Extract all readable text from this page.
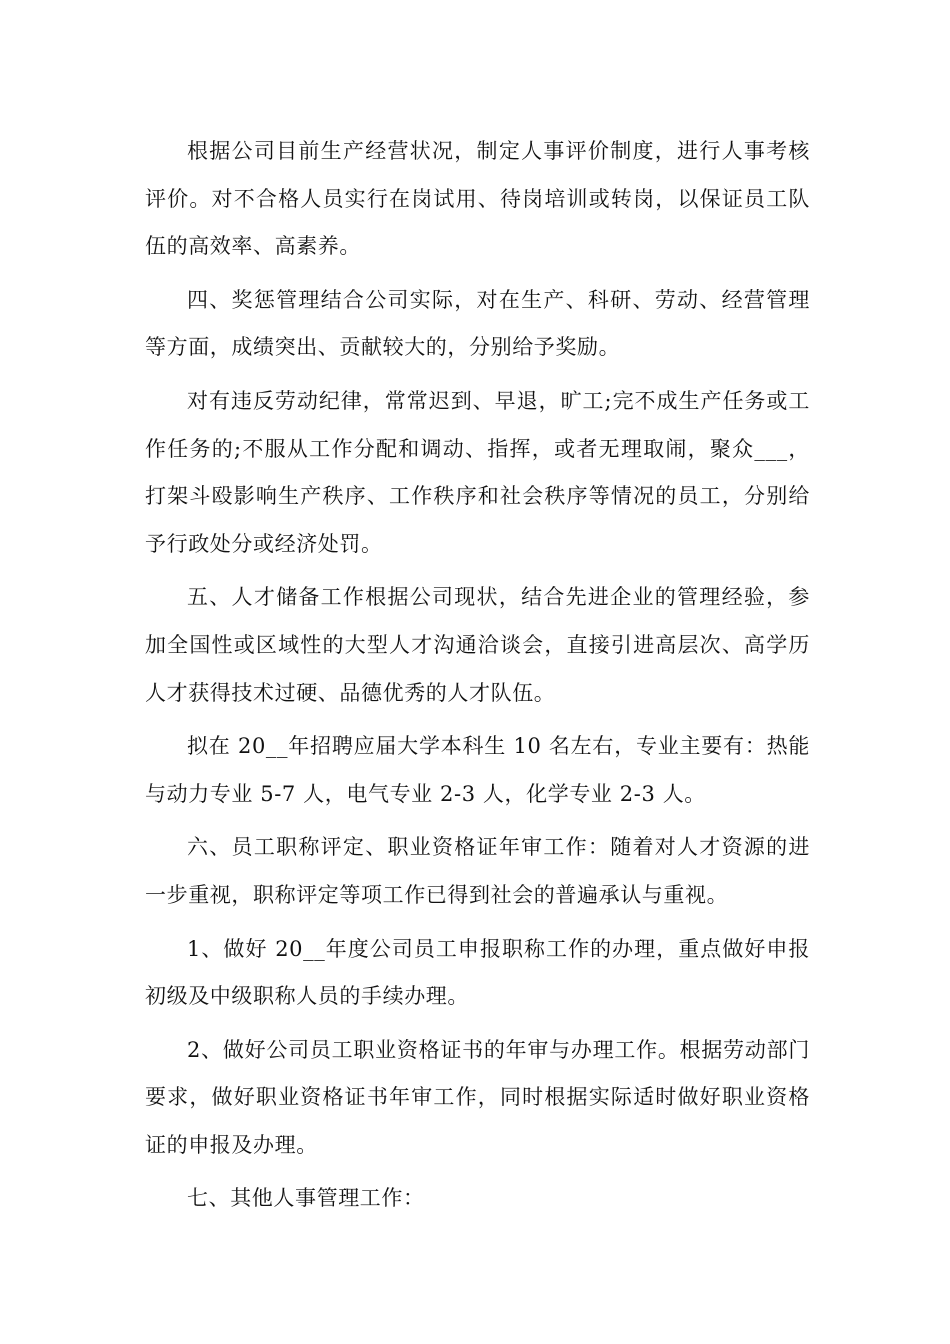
根据公司目前生产经营状况，制定人事评价制度，进行人事考核评价。对不合格人员实行在岗试用、待岗培训或转岗，以保证员工队伍的高效率、高素养。

四、奖惩管理结合公司实际，对在生产、科研、劳动、经营管理等方面，成绩突出、贡献较大的，分别给予奖励。

对有违反劳动纪律，常常迟到、早退，旷工;完不成生产任务或工作任务的;不服从工作分配和调动、指挥，或者无理取闹，聚众___，打架斗殴影响生产秩序、工作秩序和社会秩序等情况的员工，分别给予行政处分或经济处罚。

五、人才储备工作根据公司现状，结合先进企业的管理经验，参加全国性或区域性的大型人才沟通洽谈会，直接引进高层次、高学历人才获得技术过硬、品德优秀的人才队伍。

拟在 20__年招聘应届大学本科生 10 名左右，专业主要有：热能与动力专业 5-7 人，电气专业 2-3 人，化学专业 2-3 人。

六、员工职称评定、职业资格证年审工作：随着对人才资源的进一步重视，职称评定等项工作已得到社会的普遍承认与重视。

1、做好 20__年度公司员工申报职称工作的办理，重点做好申报初级及中级职称人员的手续办理。

2、做好公司员工职业资格证书的年审与办理工作。根据劳动部门要求，做好职业资格证书年审工作，同时根据实际适时做好职业资格证的申报及办理。

七、其他人事管理工作：
